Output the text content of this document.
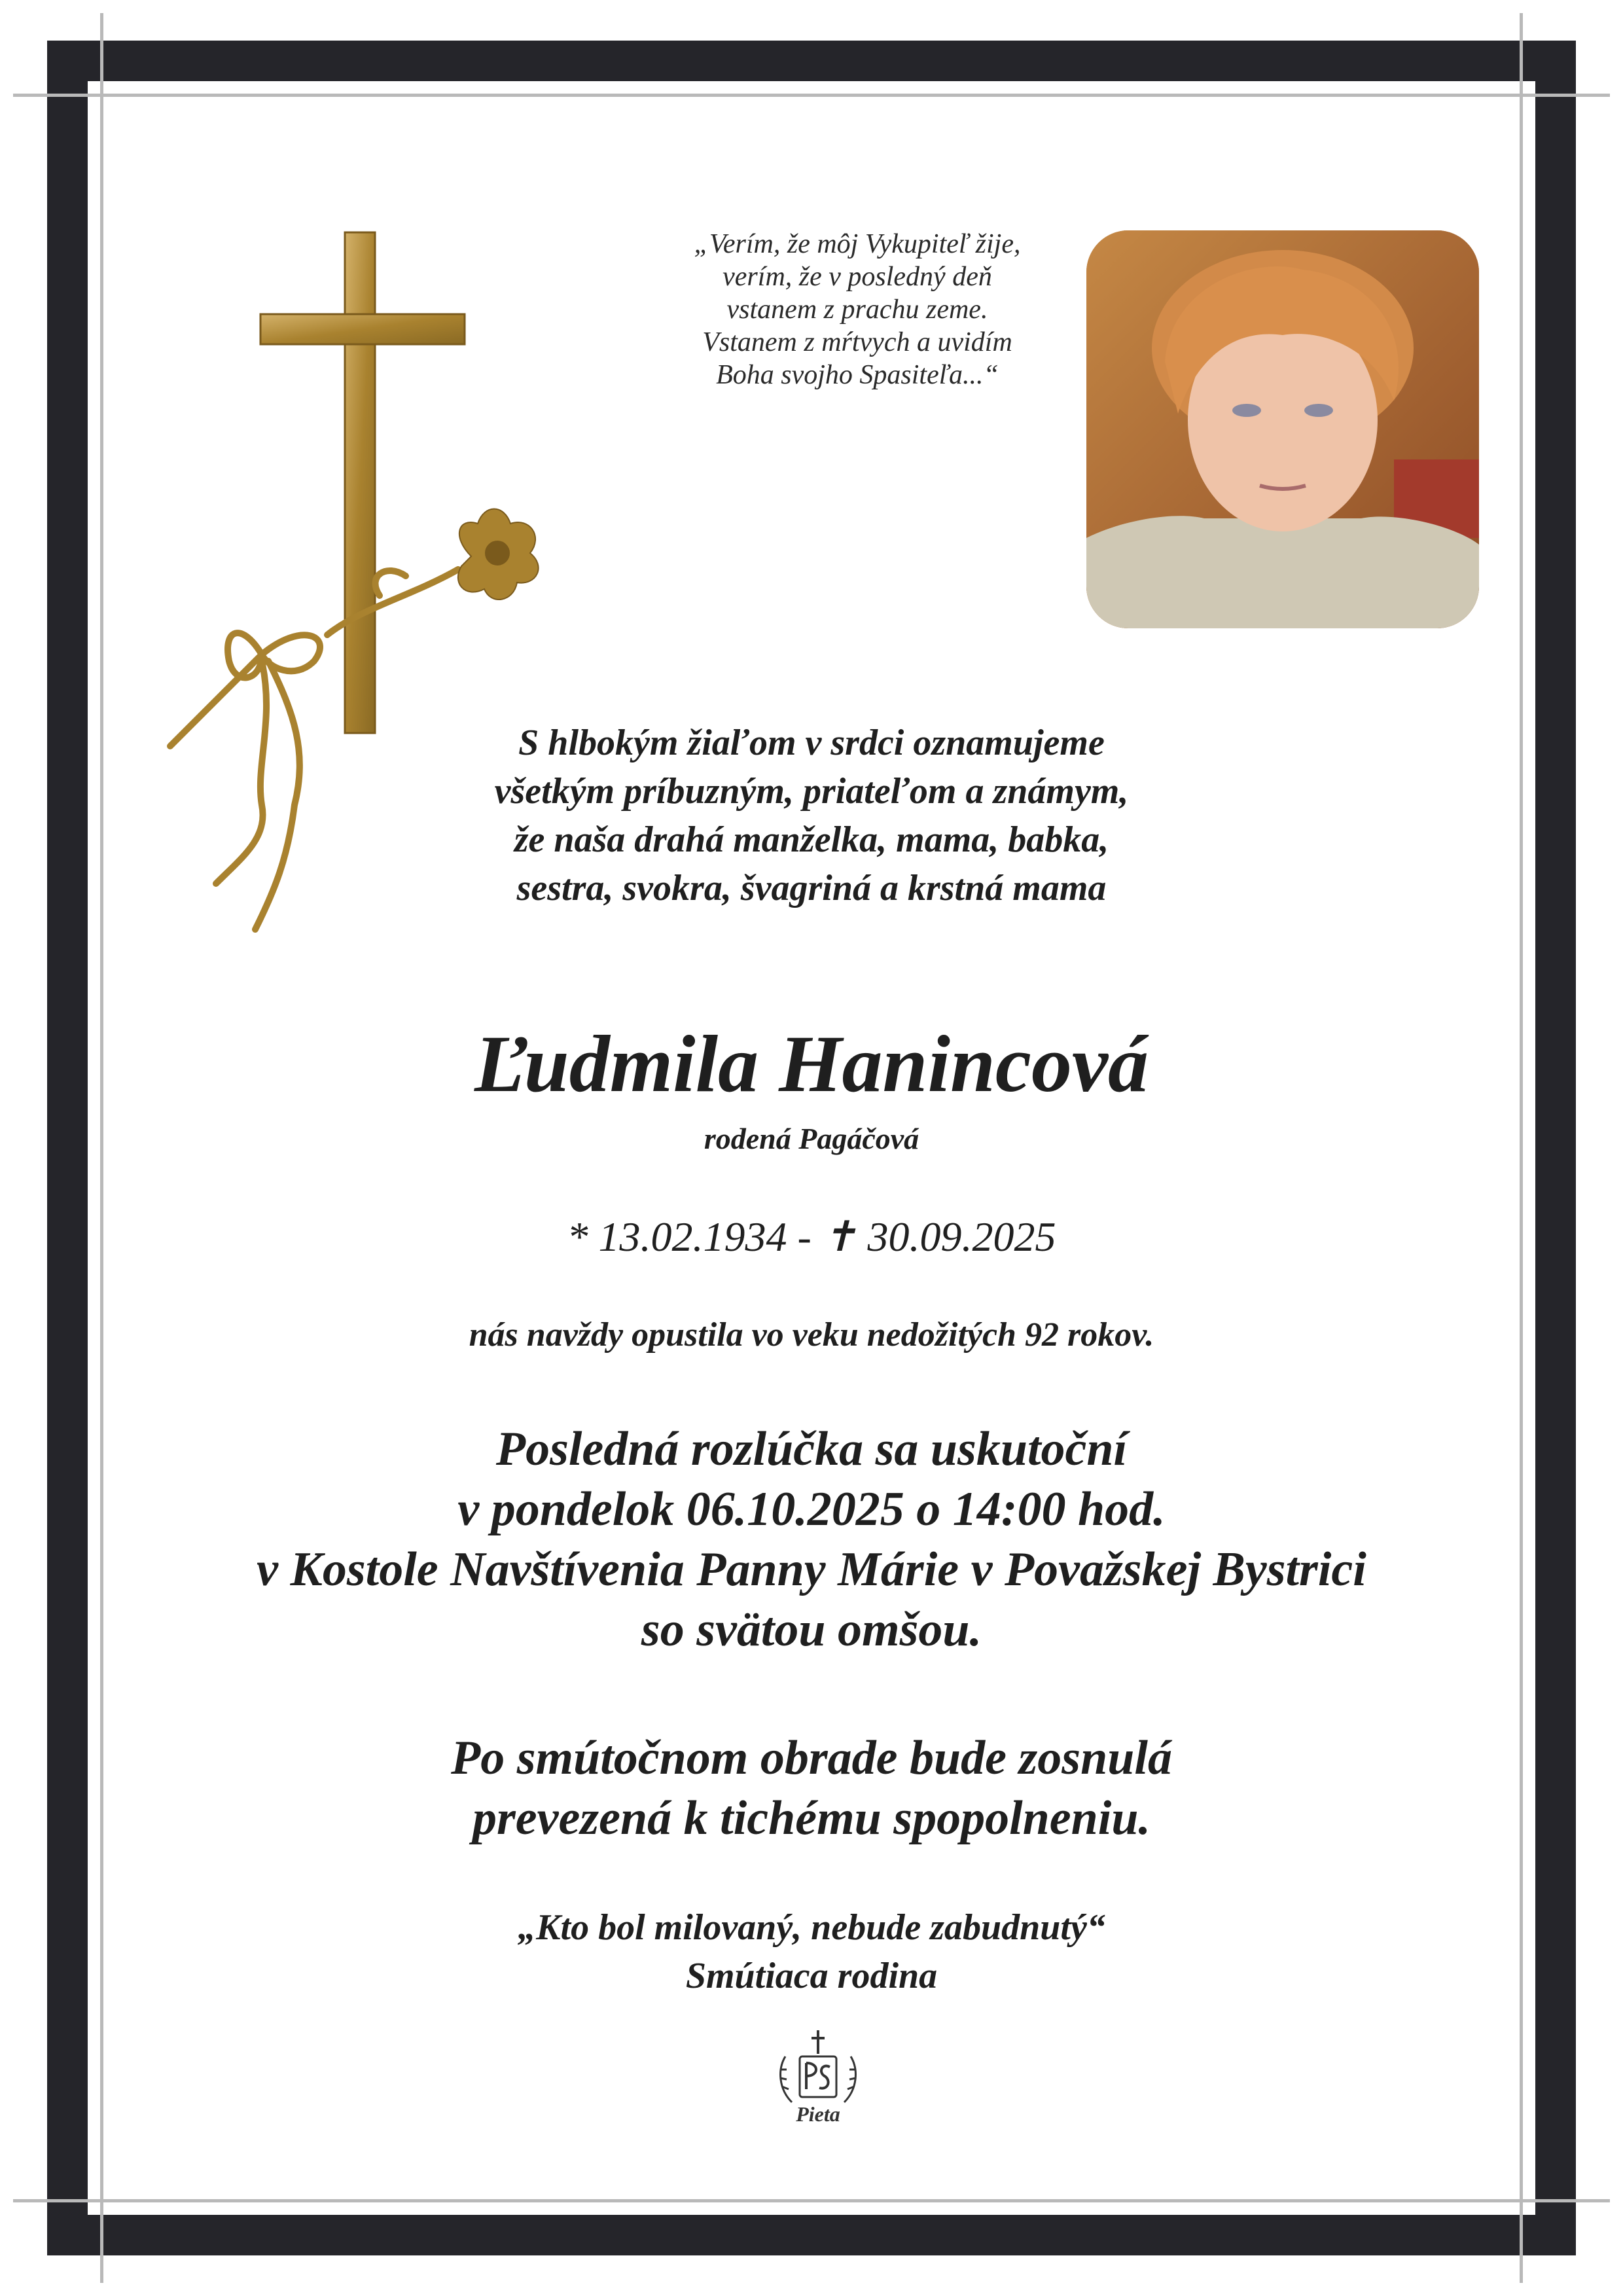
„Verím, že môj Vykupiteľ žije,
verím, že v posledný deň
vstanem z prachu zeme.
Vstanem z mŕtvych a uvidím
Boha svojho Spasiteľa...“
S hlbokým žiaľom v srdci oznamujeme
všetkým príbuzným, priateľom a známym,
že naša drahá manželka, mama, babka,
sestra, svokra, švagriná a krstná mama
Ľudmila Hanincová
rodená Pagáčová
* 13.02.1934 - ✝ 30.09.2025
nás navždy opustila vo veku nedožitých 92 rokov.
Posledná rozlúčka sa uskutoční
v pondelok 06.10.2025 o 14:00 hod.
v Kostole Navštívenia Panny Márie v Považskej Bystrici
so svätou omšou.
Po smútočnom obrade bude zosnulá
prevezená k tichému spopolneniu.
„Kto bol milovaný, nebude zabudnutý“
Smútiaca rodina
Pieta
